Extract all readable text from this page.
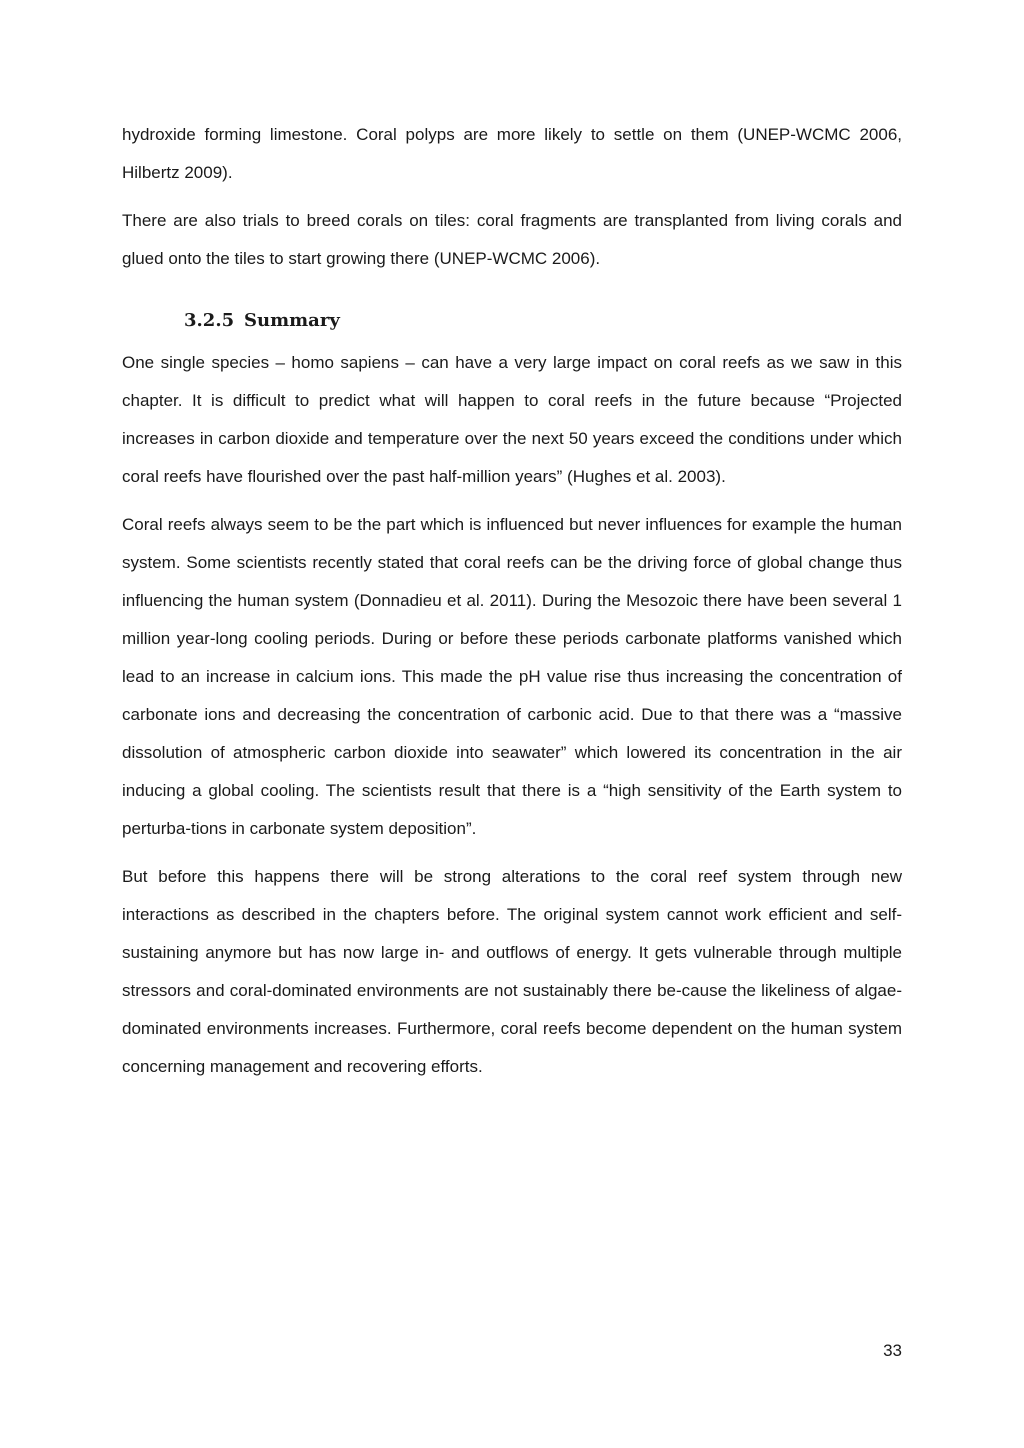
hydroxide forming limestone. Coral polyps are more likely to settle on them (UNEP-WCMC 2006, Hilbertz 2009).

There are also trials to breed corals on tiles: coral fragments are transplanted from living corals and glued onto the tiles to start growing there (UNEP-WCMC 2006).

3.2.5 Summary

One single species – homo sapiens – can have a very large impact on coral reefs as we saw in this chapter. It is difficult to predict what will happen to coral reefs in the future because “Projected increases in carbon dioxide and temperature over the next 50 years exceed the conditions under which coral reefs have flourished over the past half-million years” (Hughes et al. 2003).

Coral reefs always seem to be the part which is influenced but never influences for example the human system. Some scientists recently stated that coral reefs can be the driving force of global change thus influencing the human system (Donnadieu et al. 2011). During the Mesozoic there have been several 1 million year-long cooling periods. During or before these periods carbonate platforms vanished which lead to an increase in calcium ions. This made the pH value rise thus increasing the concentration of carbonate ions and decreasing the concentration of carbonic acid. Due to that there was a “massive dissolution of atmospheric carbon dioxide into seawater” which lowered its concentration in the air inducing a global cooling. The scientists result that there is a “high sensitivity of the Earth system to perturba-tions in carbonate system deposition”.

But before this happens there will be strong alterations to the coral reef system through new interactions as described in the chapters before. The original system cannot work efficient and self-sustaining anymore but has now large in- and outflows of energy. It gets vulnerable through multiple stressors and coral-dominated environments are not sustainably there be-cause the likeliness of algae-dominated environments increases. Furthermore, coral reefs become dependent on the human system concerning management and recovering efforts.

33
